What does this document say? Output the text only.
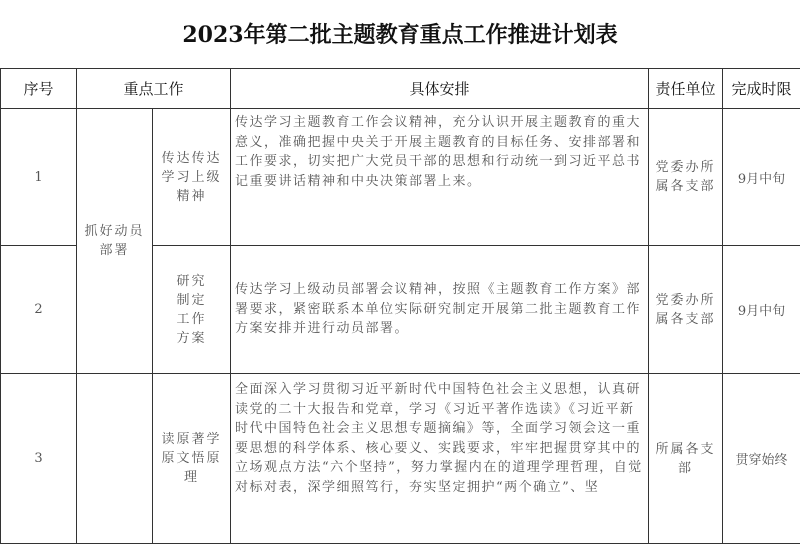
2023年第二批主题教育重点工作推进计划表
序号	重点工作		具体安排	责任单位	完成时限
1	抓好动员部署	传达传达学习上级精神	传达学习主题教育工作会议精神，充分认识开展主题教育的重大意义，准确把握中央关于开展主题教育的目标任务、安排部署和工作要求，切实把广大党员干部的思想和行动统一到习近平总书记重要讲话精神和中央决策部署上来。	党委办所属各支部	9月中旬
2		研究制定工作方案	传达学习上级动员部署会议精神，按照《主题教育工作方案》部署要求，紧密联系本单位实际研究制定开展第二批主题教育工作方案安排并进行动员部署。	党委办所属各支部	9月中旬
3		读原著学原文悟原理	全面深入学习贯彻习近平新时代中国特色社会主义思想，认真研读党的二十大报告和党章，学习《习近平著作选读》《习近平新时代中国特色社会主义思想专题摘编》等，全面学习领会这一重要思想的科学体系、核心要义、实践要求，牢牢把握贯穿其中的立场观点方法“六个坚持”，努力掌握内在的道理学理哲理，自觉对标对表，深学细照笃行，夯实坚定拥护“两个确立”、坚	所属各支部	贯穿始终
